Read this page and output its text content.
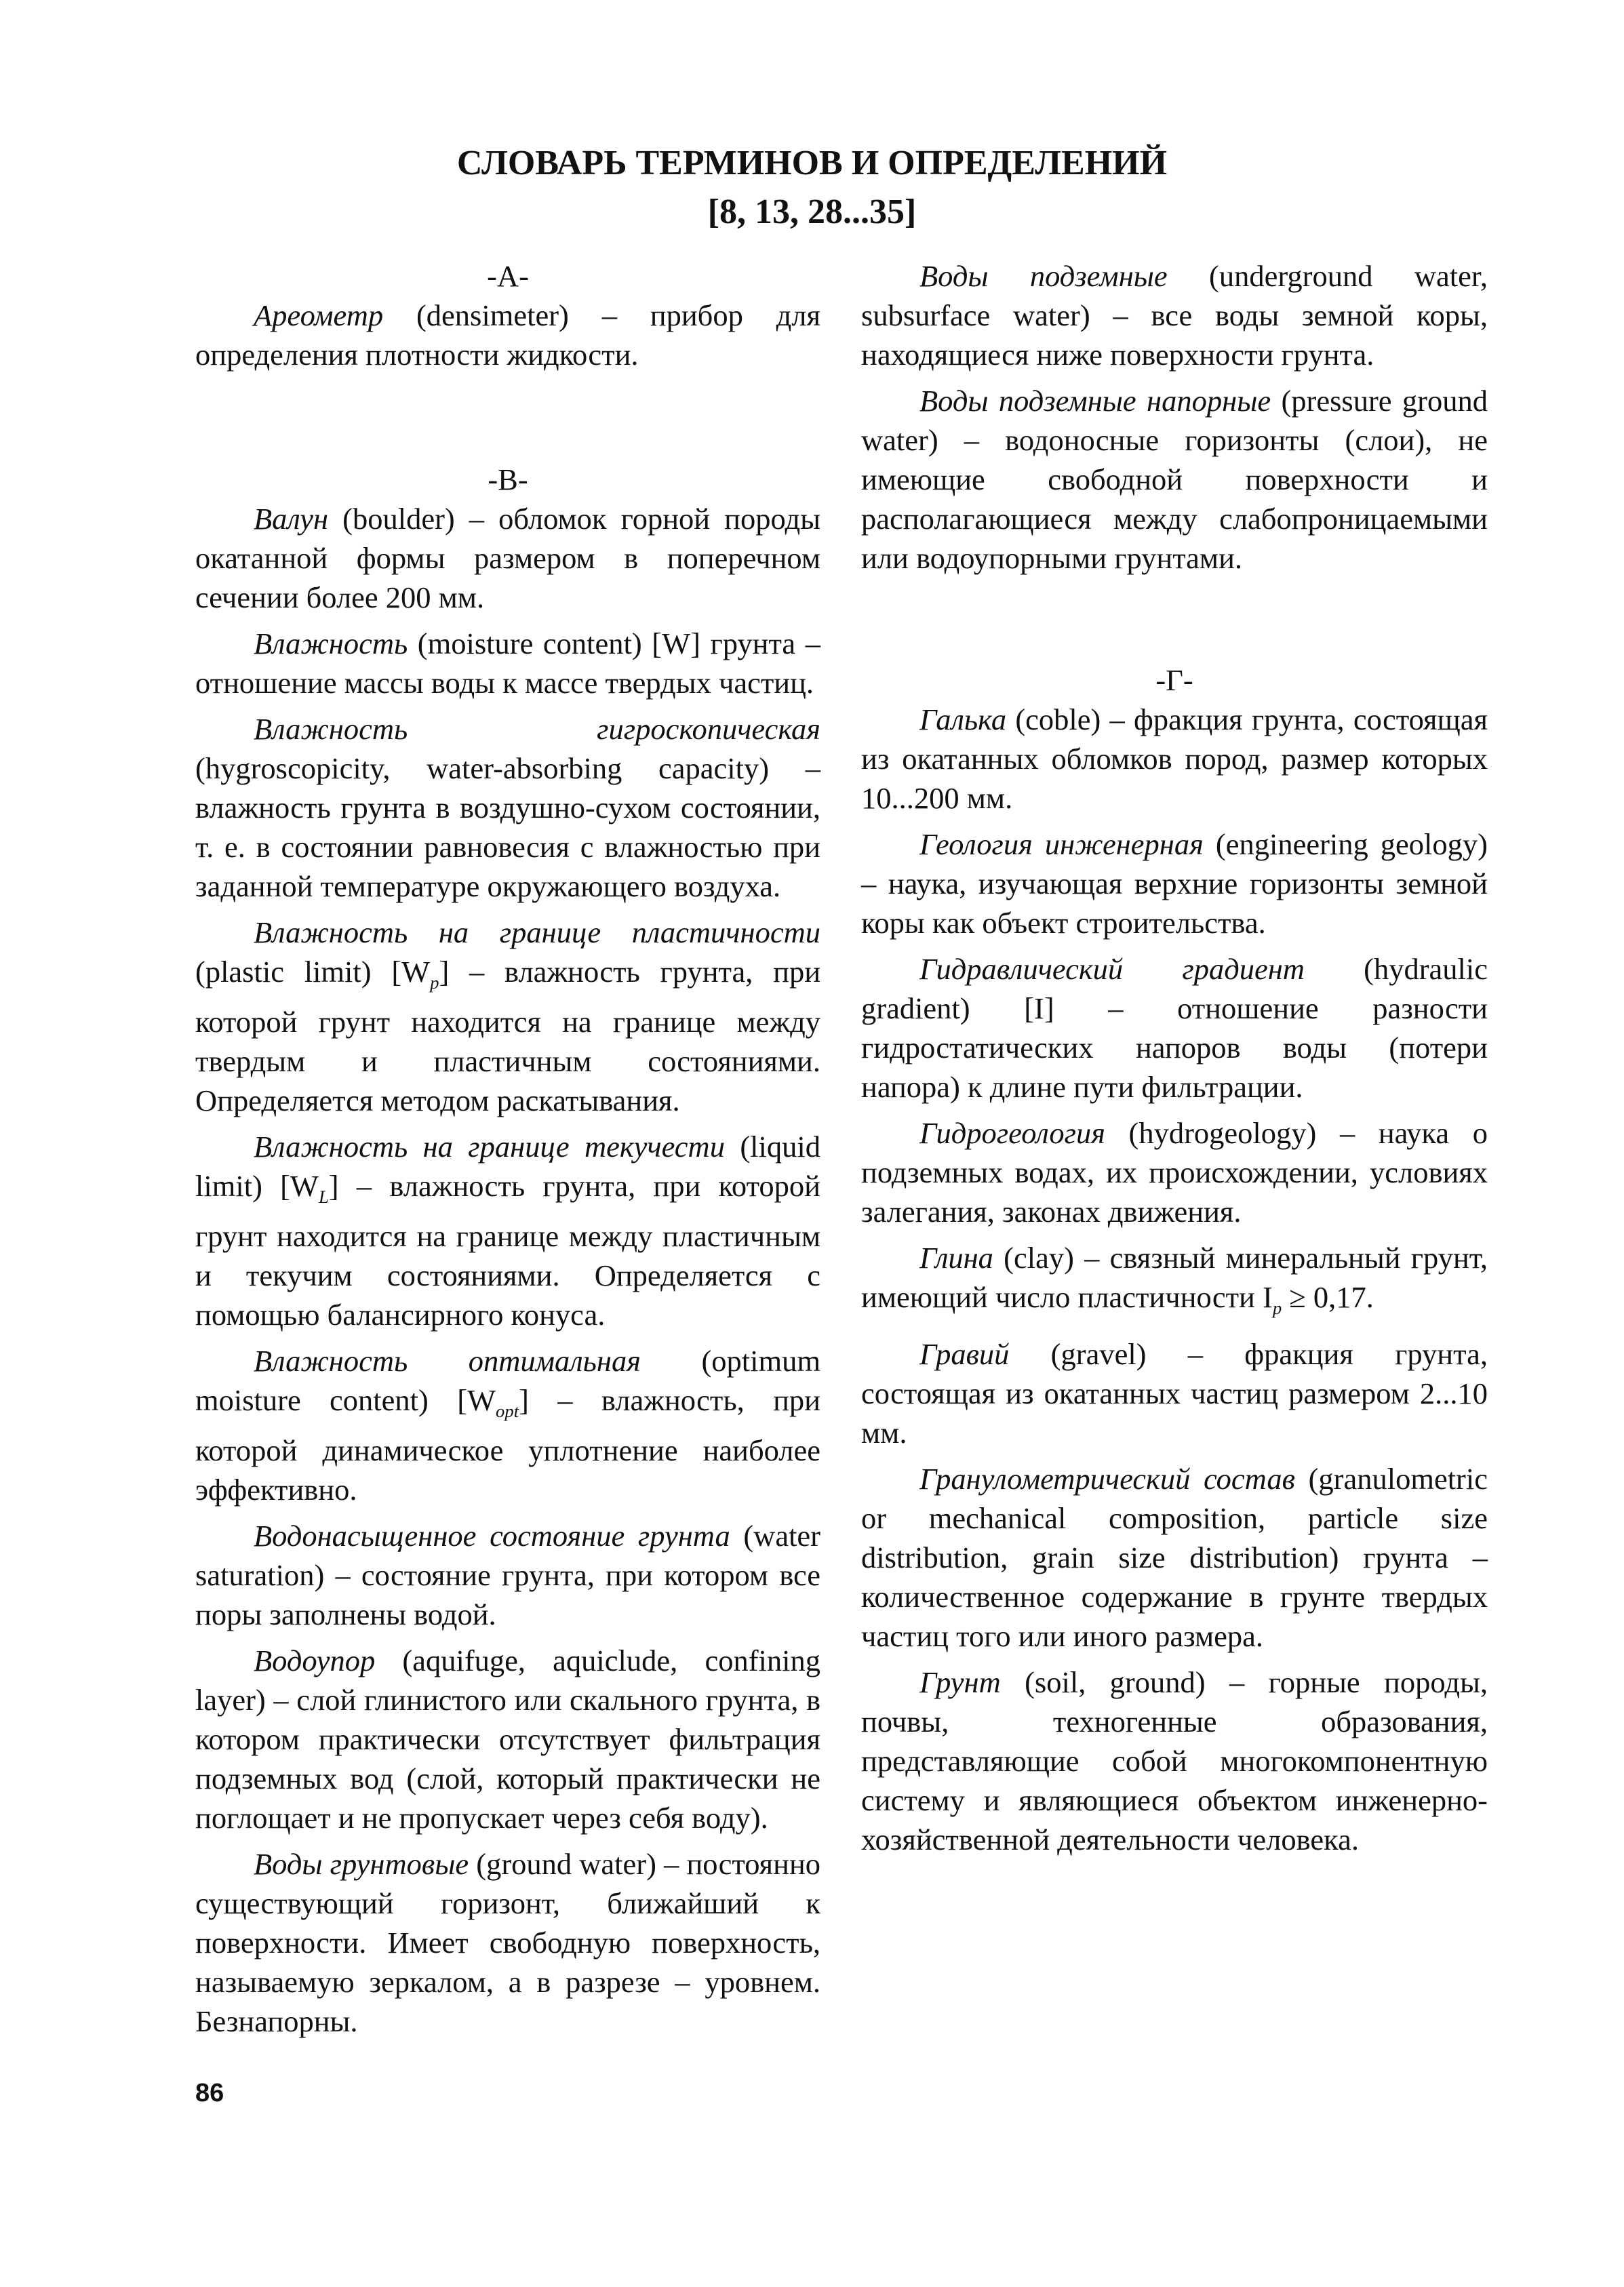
СЛОВАРЬ ТЕРМИНОВ И ОПРЕДЕЛЕНИЙ
[8, 13, 28...35]

-А-

Ареометр (densimeter) – прибор для определения плотности жидкости.

-В-

Валун (boulder) – обломок горной породы окатанной формы размером в поперечном сечении более 200 мм.

Влажность (moisture content) [W] грунта – отношение массы воды к массе твердых частиц.

Влажность гигроскопическая (hygroscopicity, water-absorbing capacity) – влажность грунта в воздушно-сухом состоянии, т. е. в состоянии равновесия с влажностью при заданной температуре окружающего воздуха.

Влажность на границе пластичности (plastic limit) $[W_p]$ – влажность грунта, при которой грунт находится на границе между твердым и пластичным состояниями. Определяется методом раскатывания.

Влажность на границе текучести (liquid limit) $[W_L]$ – влажность грунта, при которой грунт находится на границе между пластичным и текучим состояниями. Определяется с помощью балансирного конуса.

Влажность оптимальная (optimum moisture content) $[W_{opt}]$ – влажность, при которой динамическое уплотнение наиболее эффективно.

Водонасыщенное состояние грунта (water saturation) – состояние грунта, при котором все поры заполнены водой.

Водоупор (aquifuge, aquiclude, confining layer) – слой глинистого или скального грунта, в котором практически отсутствует фильтрация подземных вод (слой, который практически не поглощает и не пропускает через себя воду).

Воды грунтовые (ground water) – постоянно существующий горизонт, ближайший к поверхности. Имеет свободную поверхность, называемую зеркалом, а в разрезе – уровнем. Безнапорны.

Воды подземные (underground water, subsurface water) – все воды земной коры, находящиеся ниже поверхности грунта.

Воды подземные напорные (pressure ground water) – водоносные горизонты (слои), не имеющие свободной поверхности и располагающиеся между слабопроницаемыми или водоупорными грунтами.

-Г-

Галька (coble) – фракция грунта, состоящая из окатанных обломков пород, размер которых 10...200 мм.

Геология инженерная (engineering geology) – наука, изучающая верхние горизонты земной коры как объект строительства.

Гидравлический градиент (hydraulic gradient) [I] – отношение разности гидростатических напоров воды (потери напора) к длине пути фильтрации.

Гидрогеология (hydrogeology) – наука о подземных водах, их происхождении, условиях залегания, законах движения.

Глина (clay) – связный минеральный грунт, имеющий число пластичности $I_p \ge 0,17$.

Гравий (gravel) – фракция грунта, состоящая из окатанных частиц размером 2...10 мм.

Гранулометрический состав (granulometric or mechanical composition, particle size distribution, grain size distribution) грунта – количественное содержание в грунте твердых частиц того или иного размера.

Грунт (soil, ground) – горные породы, почвы, техногенные образования, представляющие собой многокомпонентную систему и являющиеся объектом инженерно-хозяйственной деятельности человека.

86
